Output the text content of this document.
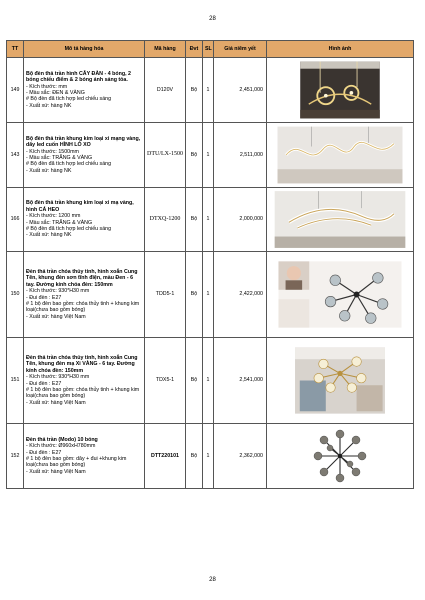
28
TT	Mô tả hàng hóa	Mã hàng	Đvt	SL	Giá niêm yết	Hình ảnh
149	Bộ đèn thả trần hình CÂY ĐÀN - 4 bóng, 2 bóng chiếu điểm & 2 bóng ánh sáng tỏa.
- Kích thước: mm
- Màu sắc: ĐEN & VÀNG
# Bộ đèn đã tích hợp led chiếu sáng
- Xuất xứ: hàng NK	D120V	Bộ	1	2,451,000	

143	Bộ đèn thả trần khung kim loại xi mạng vàng, dây led cuốn HÌNH LÒ XO
- Kích thước: 1500mm
- Màu sắc: TRẮNG & VÀNG
# Bộ đèn đã tích hợp led chiếu sáng
- Xuất xứ: hàng NK	DTU/LX-1500	Bộ	1	2,511,000	

166	Bộ đèn thả trần khung kim loại xi mạ vàng, hình CÁ HEO
- Kích thước: 1200 mm
- Màu sắc: TRẮNG & VÀNG
# Bộ đèn đã tích hợp led chiếu sáng
- Xuất xứ: hàng NK	DTXQ-1200	Bộ	1	2,000,000	

150	Đèn thả trần chóa thủy tinh, hình xoắn Cung Tên, khung đèn sơn tĩnh điện, màu Đen - 6 tay. Đường kính chóa đèn: 150mm
- Kích thước: 930*H30 mm
- Đui đèn : E27
# 1 bộ đèn bao gồm: chóa thủy tinh + khung kim loại(chưa bao gồm bóng)
- Xuất xứ: hàng Việt Nam	TDD5-1	Bộ	1	2,422,000	

151	Đèn thả trần chóa thủy tinh, hình xoắn Cung Tên, khung đèn mạ Xi VÀNG - 6 tay. Đường kính chóa đèn: 150mm
- Kích thước: 930*H30 mm
- Đui đèn : E27
# 1 bộ đèn bao gồm: chóa thủy tinh + khung kim loại(chưa bao gồm bóng)
- Xuất xứ: hàng Việt Nam	TDX5-1	Bộ	1	2,541,000	

152	Đèn thả trần (Modo) 10 bóng
- Kích thước: Ø960xH780mm
- Đui đèn : E27
# 1 bộ đèn bao gồm: dây + đui +khung kim loại(chưa bao gồm bóng)
- Xuất xứ: hàng Việt Nam	DTT220101	Bộ	1	2,362,000	
28
